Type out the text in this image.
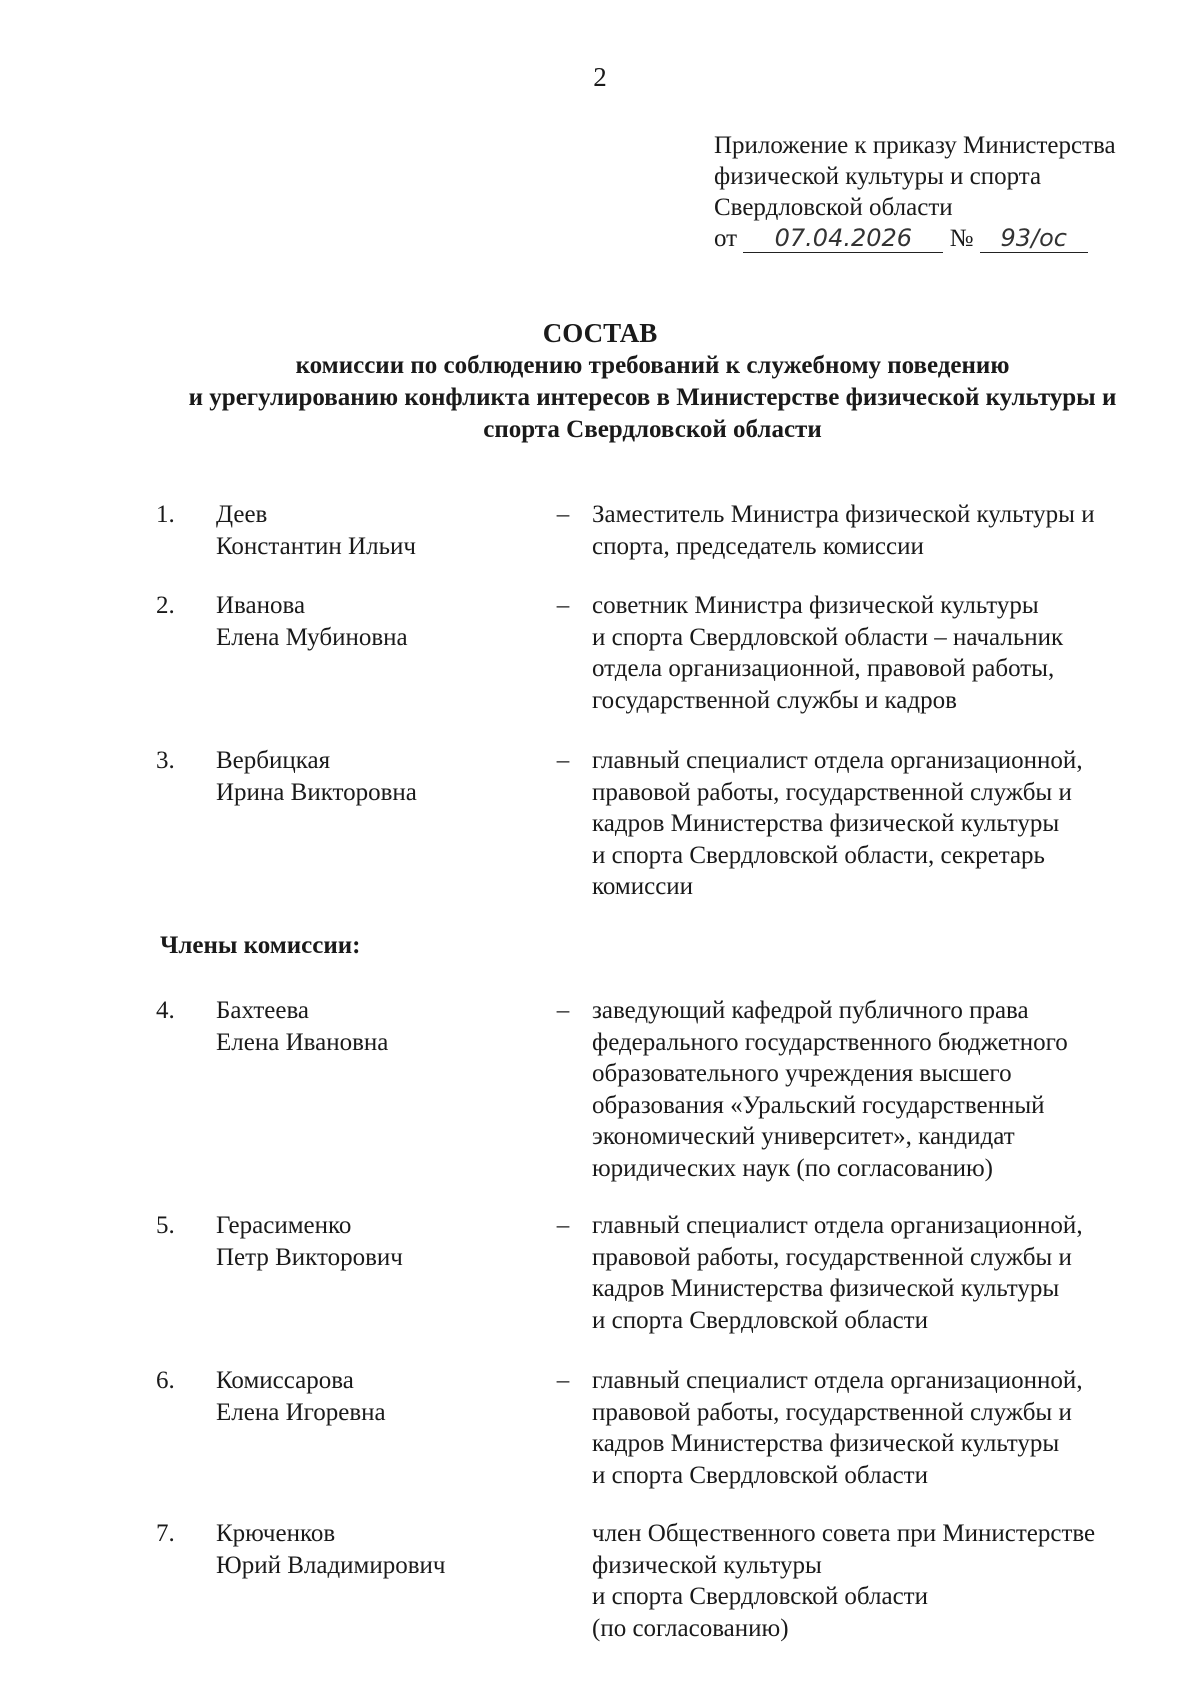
2
Приложение к приказу Министерства
физической культуры и спорта
Свердловской области
от 07.04.2026 № 93/ос
СОСТАВ
комиссии по соблюдению требований к служебному поведению
и урегулированию конфликта интересов в Министерстве физической культуры и
спорта Свердловской области
1.	Деев
Константин Ильич
– Заместитель Министра физической культуры и
спорта, председатель комиссии
2.	Иванова
Елена Мубиновна
– советник Министра физической культуры
и спорта Свердловской области – начальник
отдела организационной, правовой работы,
государственной службы и кадров
3.	Вербицкая
Ирина Викторовна
– главный специалист отдела организационной,
правовой работы, государственной службы и
кадров Министерства физической культуры
и спорта Свердловской области, секретарь
комиссии
Члены комиссии:
4.	Бахтеева
Елена Ивановна
– заведующий кафедрой публичного права
федерального государственного бюджетного
образовательного учреждения высшего
образования «Уральский государственный
экономический университет», кандидат
юридических наук (по согласованию)
5.	Герасименко
Петр Викторович
– главный специалист отдела организационной,
правовой работы, государственной службы и
кадров Министерства физической культуры
и спорта Свердловской области
6.	Комиссарова
Елена Игоревна
– главный специалист отдела организационной,
правовой работы, государственной службы и
кадров Министерства физической культуры
и спорта Свердловской области
7.	Крюченков
Юрий Владимирович
член Общественного совета при Министерстве
физической культуры
и спорта Свердловской области
(по согласованию)
